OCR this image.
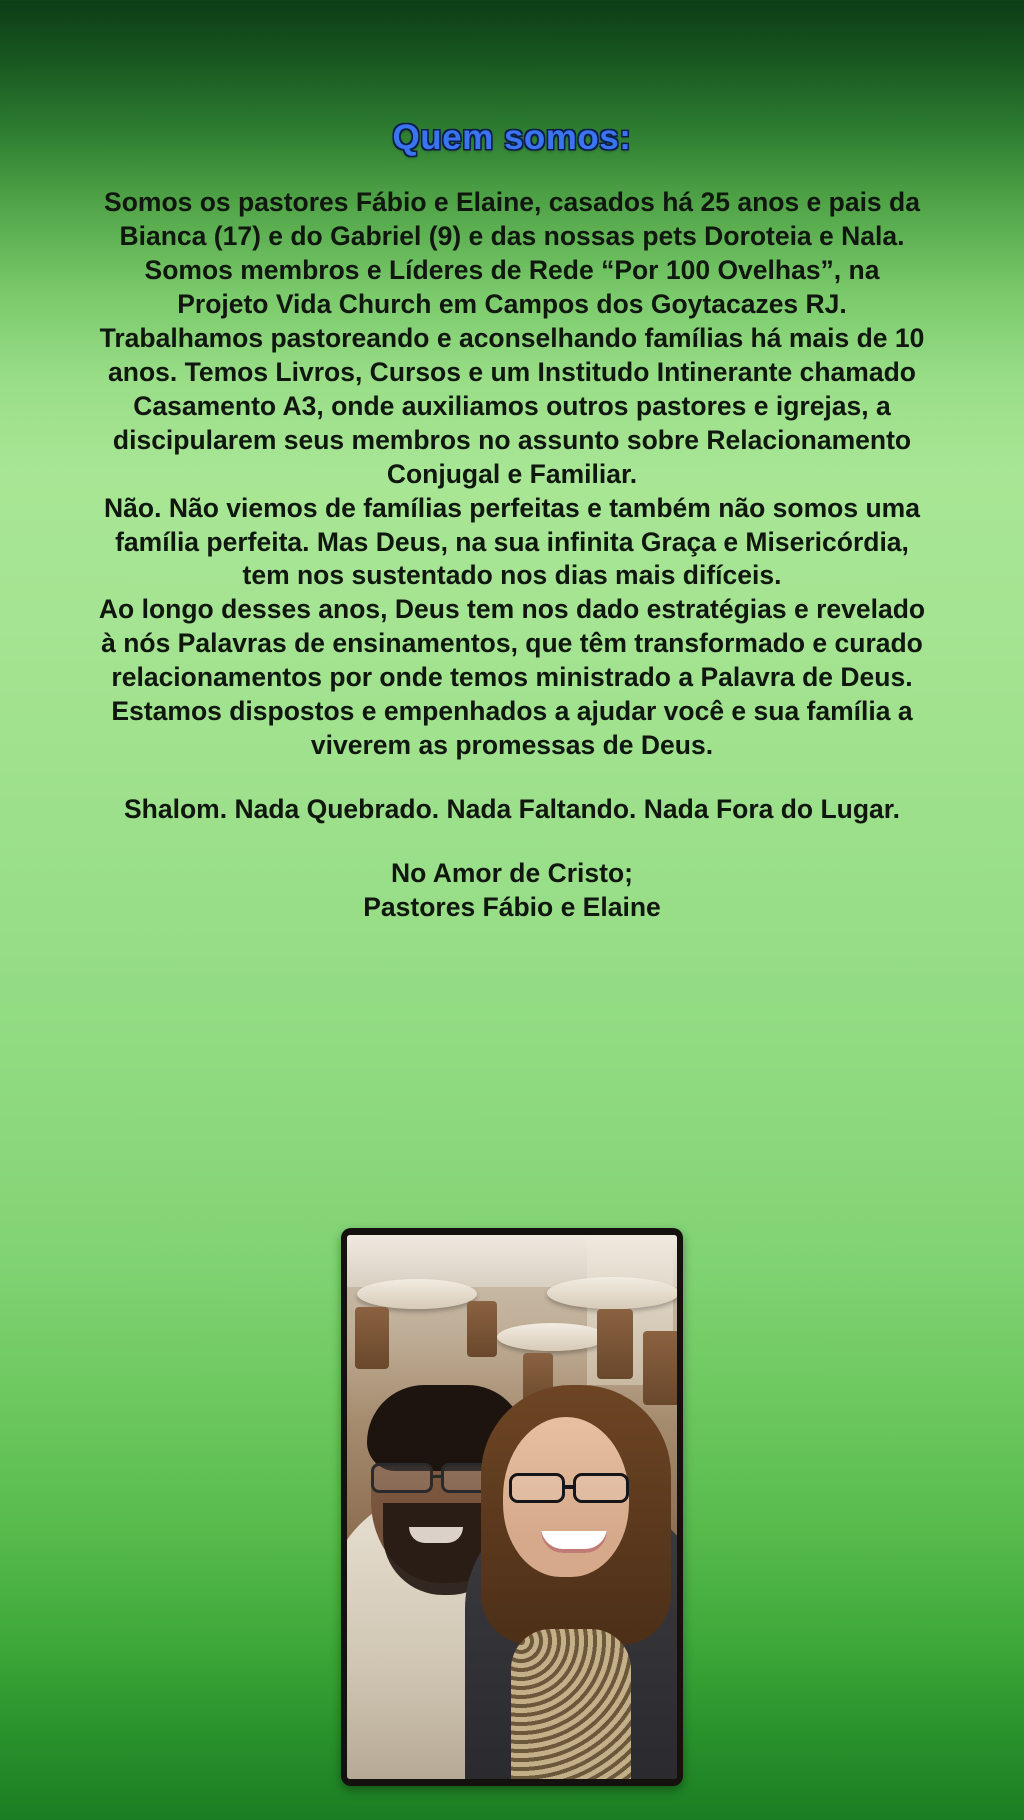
Quem somos:

Somos os pastores Fábio e Elaine, casados há 25 anos e pais da Bianca (17) e do Gabriel (9) e das nossas pets Doroteia e Nala.

Somos membros e Líderes de Rede “Por 100 Ovelhas”, na Projeto Vida Church em Campos dos Goytacazes RJ.

Trabalhamos pastoreando e aconselhando famílias há mais de 10 anos. Temos Livros, Cursos e um Institudo Intinerante chamado Casamento A3, onde auxiliamos outros pastores e igrejas, a discipularem seus membros no assunto sobre Relacionamento Conjugal e Familiar.

Não. Não viemos de famílias perfeitas e também não somos uma família perfeita. Mas Deus, na sua infinita Graça e Misericórdia, tem nos sustentado nos dias mais difíceis.

Ao longo desses anos, Deus tem nos dado estratégias e revelado à nós Palavras de ensinamentos, que têm transformado e curado relacionamentos por onde temos ministrado a Palavra de Deus.

Estamos dispostos e empenhados a ajudar você e sua família a viverem as promessas de Deus.

Shalom. Nada Quebrado. Nada Faltando. Nada Fora do Lugar.

No Amor de Cristo;

Pastores Fábio e Elaine
